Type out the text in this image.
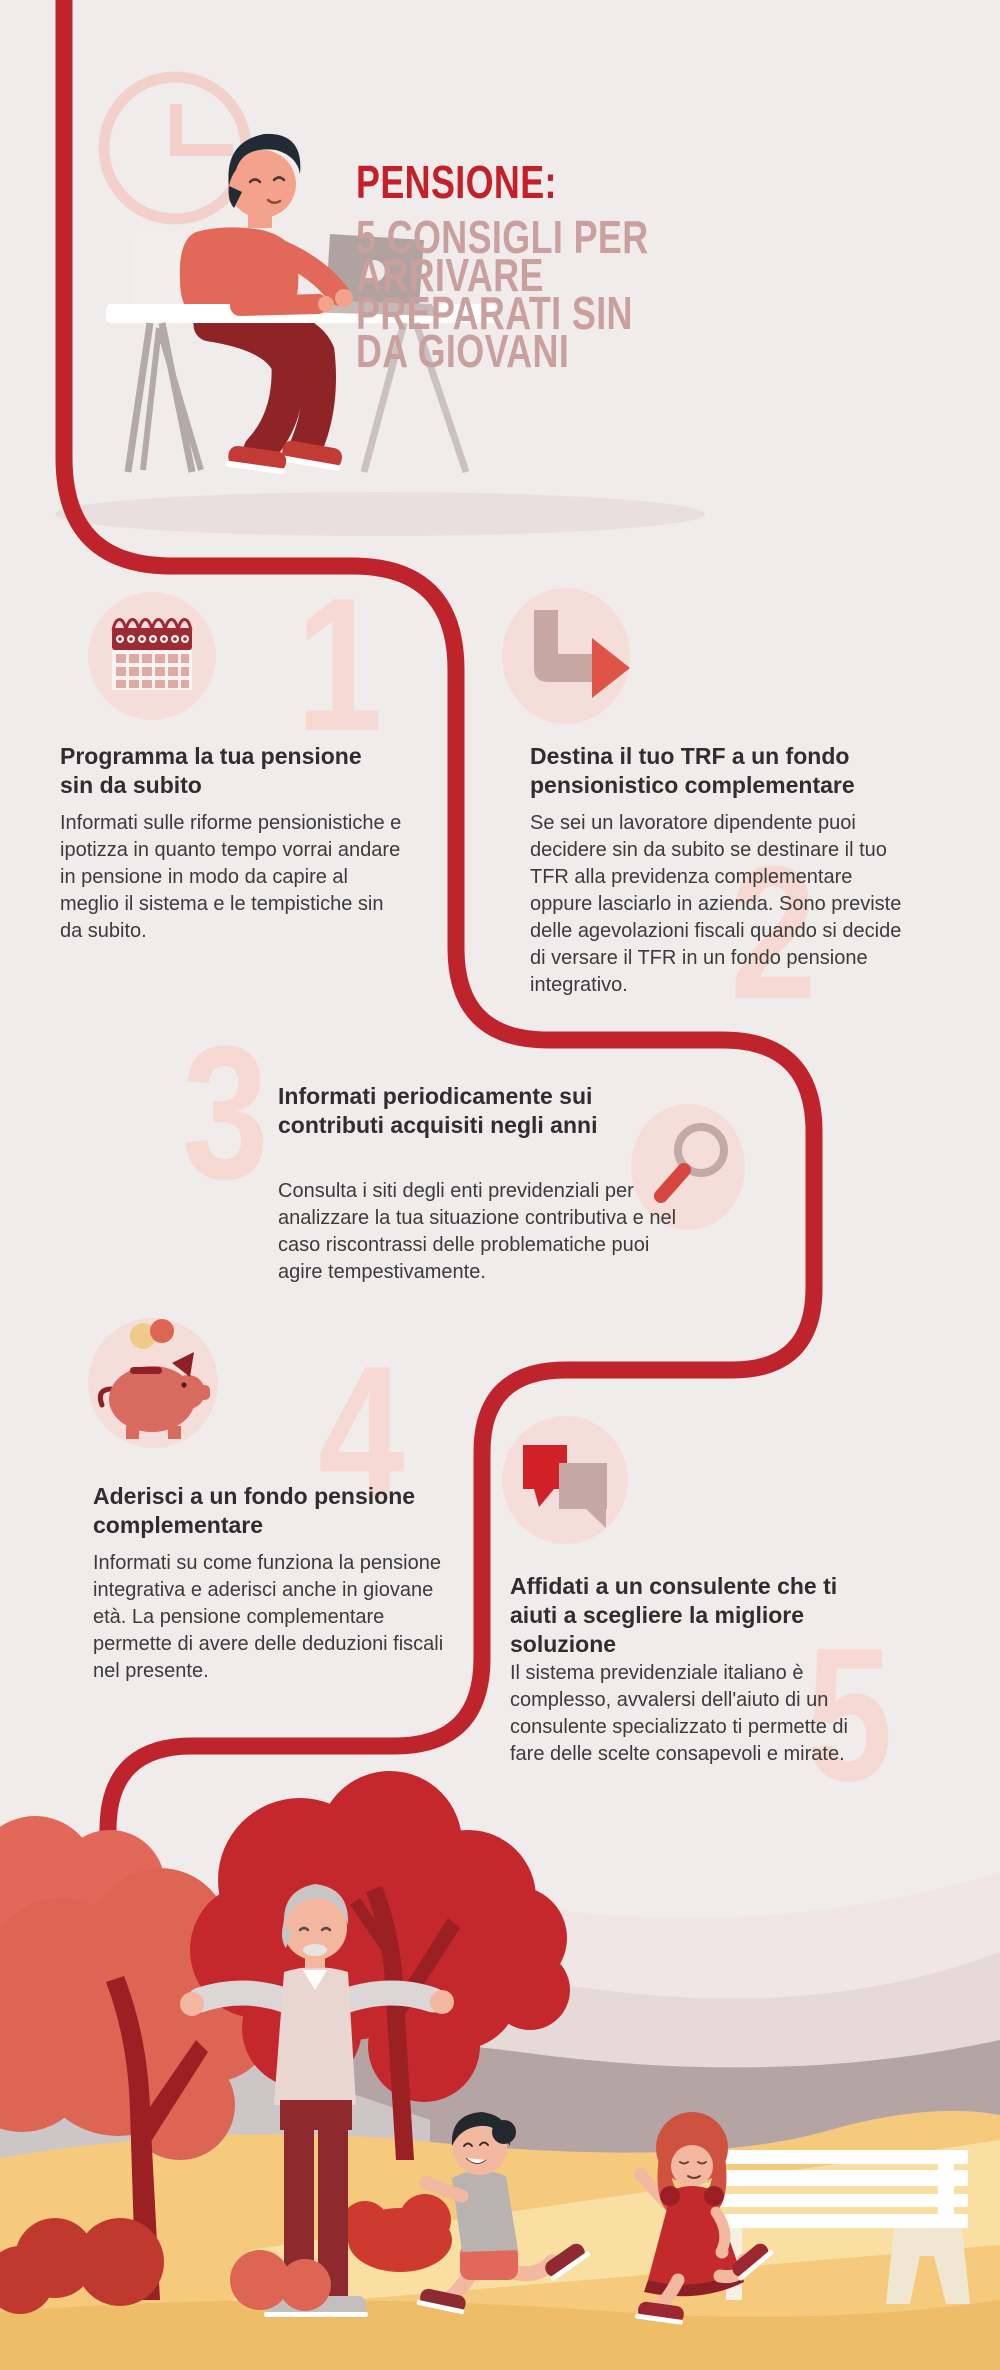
1
2
3
4
5
PENSIONE:
5 CONSIGLI PER
ARRIVARE
PREPARATI SIN
DA GIOVANI
Programma la tua pensione sin da subito
Informati sulle riforme pensionistiche e ipotizza in quanto tempo vorrai andare in pensione in modo da capire al meglio il sistema e le tempistiche sin da subito.
Destina il tuo TRF a un fondo pensionistico complementare
Se sei un lavoratore dipendente puoi decidere sin da subito se destinare il tuo TFR alla previdenza complementare oppure lasciarlo in azienda. Sono previste delle agevolazioni fiscali quando si decide di versare il TFR in un fondo pensione integrativo.
Informati periodicamente sui contributi acquisiti negli anni
Consulta i siti degli enti previdenziali per analizzare la tua situazione contributiva e nel caso riscontrassi delle problematiche puoi agire tempestivamente.
Aderisci a un fondo pensione complementare
Informati su come funziona la pensione integrativa e aderisci anche in giovane età. La pensione complementare permette di avere delle deduzioni fiscali nel presente.
Affidati a un consulente che ti aiuti a scegliere la migliore soluzione
Il sistema previdenziale italiano è complesso, avvalersi dell'aiuto di un consulente specializzato ti permette di fare delle scelte consapevoli e mirate.
